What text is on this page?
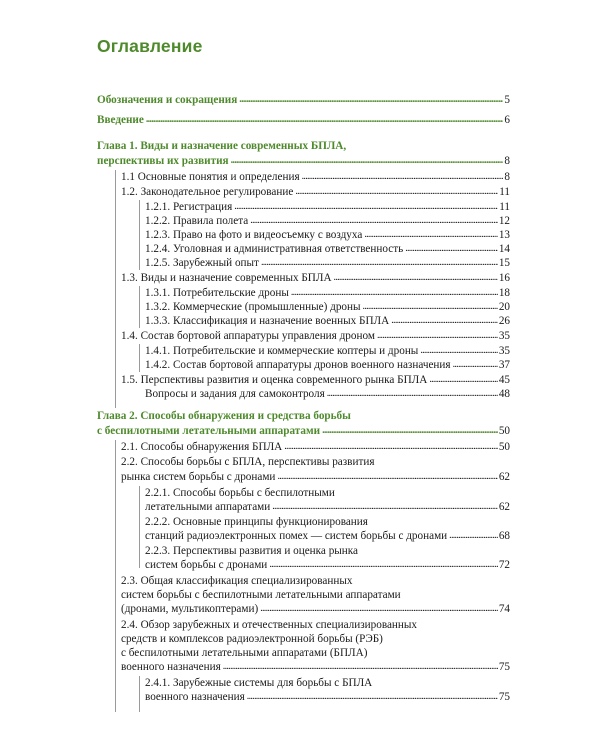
Оглавление
Обозначения и сокращения . . .	5
Введение . . .	6
Глава 1. Виды и назначение современных БПЛА,
перспективы их развития . . .	8
1.1 Основные понятия и определения . . .	8
1.2. Законодательное регулирование . . .	11
1.2.1. Регистрация . . .	11
1.2.2. Правила полета . . .	12
1.2.3. Право на фото и видеосъемку с воздуха . . .	13
1.2.4. Уголовная и административная ответственность . . .	14
1.2.5. Зарубежный опыт . . .	15
1.3. Виды и назначение современных БПЛА . . .	16
1.3.1. Потребительские дроны . . .	18
1.3.2. Коммерческие (промышленные) дроны . . .	20
1.3.3. Классификация и назначение военных БПЛА . . .	26
1.4. Состав бортовой аппаратуры управления дроном . . .	35
1.4.1. Потребительские и коммерческие коптеры и дроны . . .	35
1.4.2. Состав бортовой аппаратуры дронов военного назначения . . .	37
1.5. Перспективы развития и оценка современного рынка БПЛА . . .	45
Вопросы и задания для самоконтроля . . .	48
Глава 2. Способы обнаружения и средства борьбы
с беспилотными летательными аппаратами . . .	50
2.1. Способы обнаружения БПЛА . . .	50
2.2. Способы борьбы с БПЛА, перспективы развития
рынка систем борьбы с дронами . . .	62
2.2.1. Способы борьбы с беспилотными
летательными аппаратами . . .	62
2.2.2. Основные принципы функционирования
станций радиоэлектронных помех — систем борьбы с дронами . . .	68
2.2.3. Перспективы развития и оценка рынка
систем борьбы с дронами . . .	72
2.3. Общая классификация специализированных
систем борьбы с беспилотными летательными аппаратами
(дронами, мультикоптерами) . . .	74
2.4. Обзор зарубежных и отечественных специализированных
средств и комплексов радиоэлектронной борьбы (РЭБ)
с беспилотными летательными аппаратами (БПЛА)
военного назначения . . .	75
2.4.1. Зарубежные системы для борьбы с БПЛА
военного назначения . . .	75
